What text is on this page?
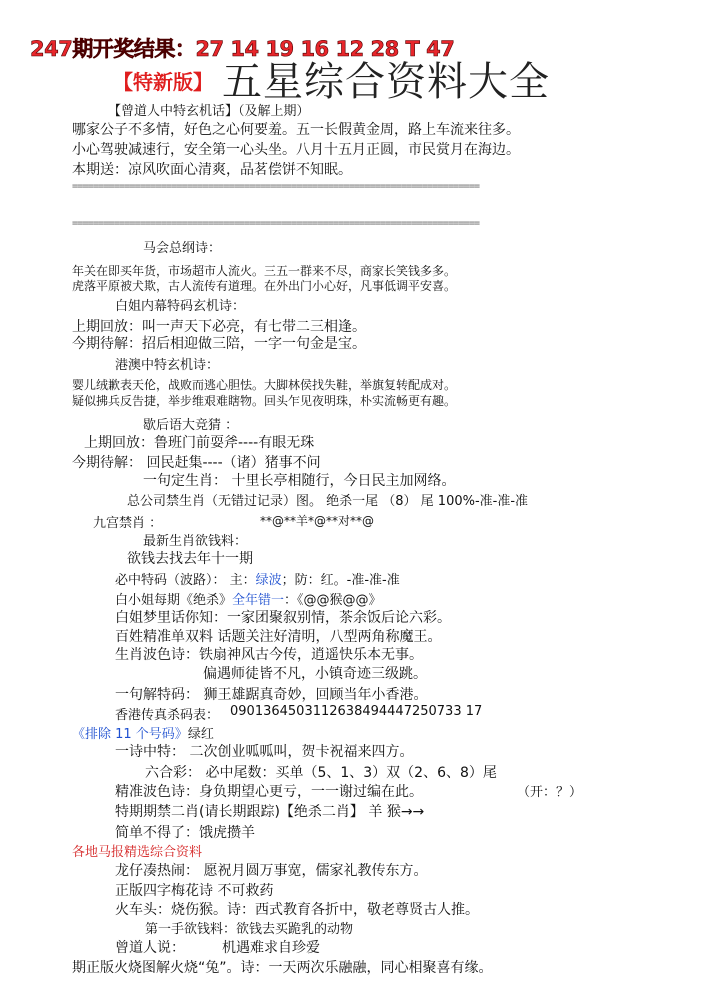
247期开奖结果：27 14 19 16 12 28 T 47
【特新版】 五星综合资料大全
【曾道人中特玄机话】（及解上期）
哪家公子不多情，好色之心何要羞。五一长假黄金周，路上车流来往多。
小心驾驶减速行，安全第一心头坐。八月十五月正圆，市民赏月在海边。
本期送：凉风吹面心清爽，品茗偿饼不知眠。
==============================================================================
==============================================================================
马会总纲诗：
年关在即买年货，市场超市人流火。三五一群来不尽，商家长笑钱多多。
虎落平原被犬欺，古人流传有道理。在外出门小心好，凡事低调平安喜。
白姐内幕特码玄机诗：
上期回放：叫一声天下必亮，有七带二三相逢。
今期待解：招后相迎做三陪，一字一句金是宝。
港澳中特玄机诗：
婴儿绒歉表天伦，战败而逃心胆怯。大脚林侯找失鞋，举旗复转配成对。
疑似拂兵反告捷，举步维艰难瞎物。回头乍见夜明珠，朴实流畅更有趣。
歇后语大竞猜 ：
上期回放：鲁班门前耍斧----有眼无珠
今期待解： 回民赶集----（诸）猪事不问
一句定生肖： 十里长亭相随行，今日民主加网络。
总公司禁生肖（无错过记录）图。 绝杀一尾 （8） 尾 100%-准-准-准
九宫禁肖 ：	**@**羊*@**对**@
最新生肖欲钱料：
欲钱去找去年十一期
必中特码（波路）： 主：绿波；防：红。-准-准-准
白小姐每期《绝杀》全年错一：《@@猴@@》
白姐梦里话你知：一家团聚叙别情，茶余饭后论六彩。
百姓精准单双料 话题关注好清明，八型两角称魔王。
生肖波色诗：铁扇神风古今传，逍遥快乐本无事。
偏遇师徒皆不凡，小镇奇迹三级跳。
一句解特码： 狮王雄踞真奇妙，回顾当年小香港。
香港传真杀码表： 0901364503112638494447250733 17
《排除 11 个号码》绿红
一诗中特： 二次创业呱呱叫，贺卡祝福来四方。
六合彩： 必中尾数：买单（5、1、3）双（2、6、8）尾
精准波色诗：身负期望心更亏，一一谢过编在此。	（开：？）
特期期禁二肖(请长期跟踪)【绝杀二肖】 羊 猴→→
简单不得了：饿虎攒羊
各地马报精选综合资料
龙仔凑热闹： 愿祝月圆万事宽，儒家礼教传东方。
正版四字梅花诗 不可救药
火车头：烧伤猴。诗：西式教育各折中，敬老尊贤古人推。
第一手欲钱料：欲钱去买跪乳的动物
曾道人说：	机遇难求自珍爱
期正版火烧图解火烧“兔”。诗：一天两次乐融融，同心相聚喜有缘。
